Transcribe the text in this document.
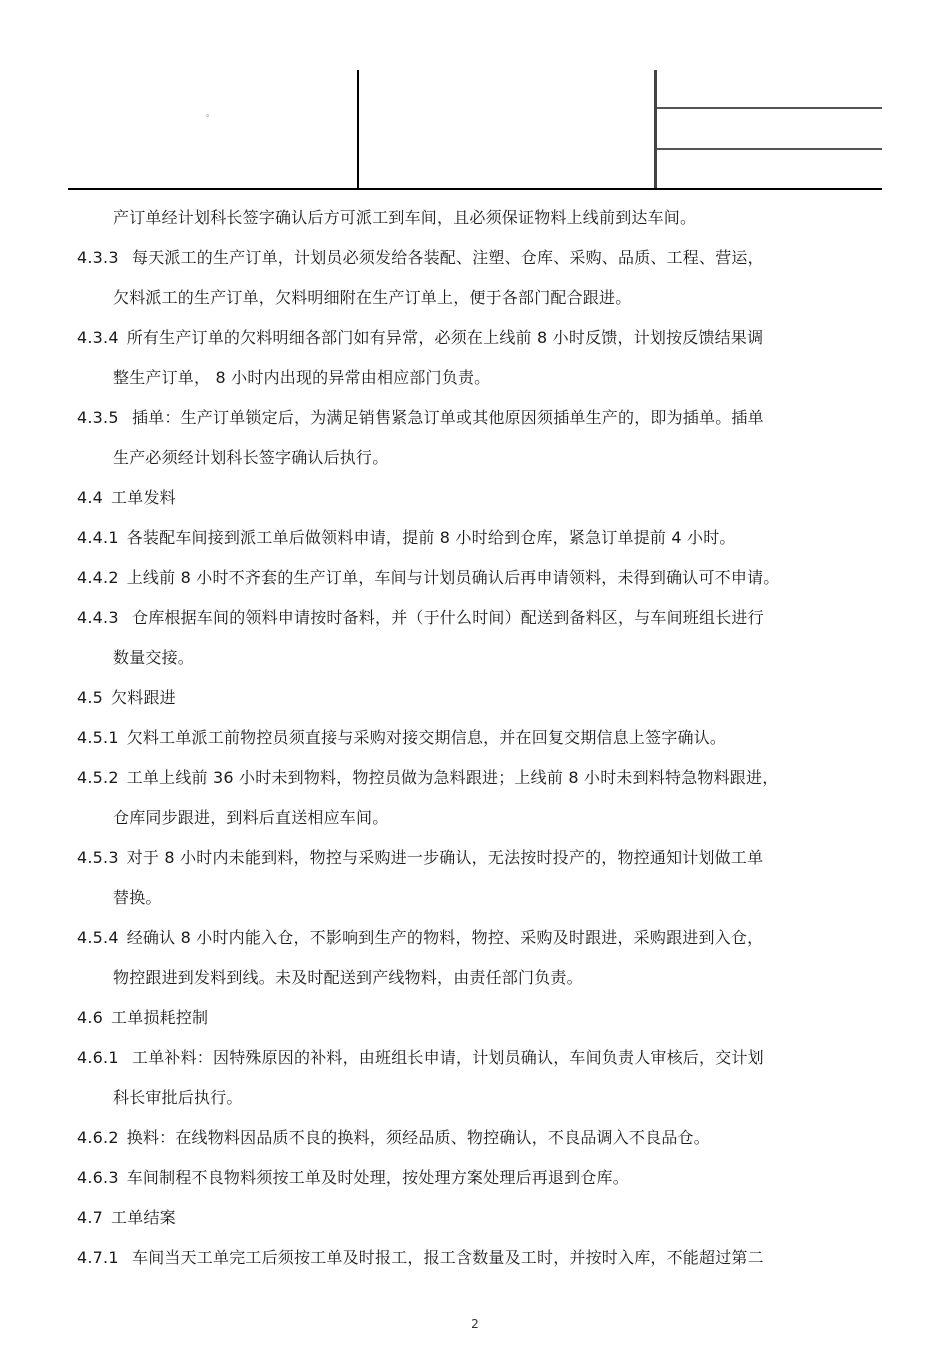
。
产订单经计划科长签字确认后方可派工到车间，且必须保证物料上线前到达车间。
4.3.3 每天派工的生产订单，计划员必须发给各装配、注塑、仓库、采购、品质、工程、营运，
欠料派工的生产订单，欠料明细附在生产订单上，便于各部门配合跟进。
4.3.4 所有生产订单的欠料明细各部门如有异常，必须在上线前 8 小时反馈，计划按反馈结果调
整生产订单， 8 小时内出现的异常由相应部门负责。
4.3.5 插单：生产订单锁定后，为满足销售紧急订单或其他原因须插单生产的，即为插单。插单
生产必须经计划科长签字确认后执行。
4.4 工单发料
4.4.1 各装配车间接到派工单后做领料申请，提前 8 小时给到仓库，紧急订单提前 4 小时。
4.4.2 上线前 8 小时不齐套的生产订单，车间与计划员确认后再申请领料，未得到确认可不申请。
4.4.3 仓库根据车间的领料申请按时备料，并（于什么时间）配送到备料区，与车间班组长进行
数量交接。
4.5 欠料跟进
4.5.1 欠料工单派工前物控员须直接与采购对接交期信息，并在回复交期信息上签字确认。
4.5.2 工单上线前 36 小时未到物料，物控员做为急料跟进；上线前 8 小时未到料特急物料跟进，
仓库同步跟进，到料后直送相应车间。
4.5.3 对于 8 小时内未能到料，物控与采购进一步确认，无法按时投产的，物控通知计划做工单
替换。
4.5.4 经确认 8 小时内能入仓，不影响到生产的物料，物控、采购及时跟进，采购跟进到入仓，
物控跟进到发料到线。未及时配送到产线物料，由责任部门负责。
4.6 工单损耗控制
4.6.1 工单补料：因特殊原因的补料，由班组长申请，计划员确认，车间负责人审核后，交计划
科长审批后执行。
4.6.2 换料：在线物料因品质不良的换料，须经品质、物控确认，不良品调入不良品仓。
4.6.3 车间制程不良物料须按工单及时处理，按处理方案处理后再退到仓库。
4.7 工单结案
4.7.1 车间当天工单完工后须按工单及时报工，报工含数量及工时，并按时入库，不能超过第二
2
